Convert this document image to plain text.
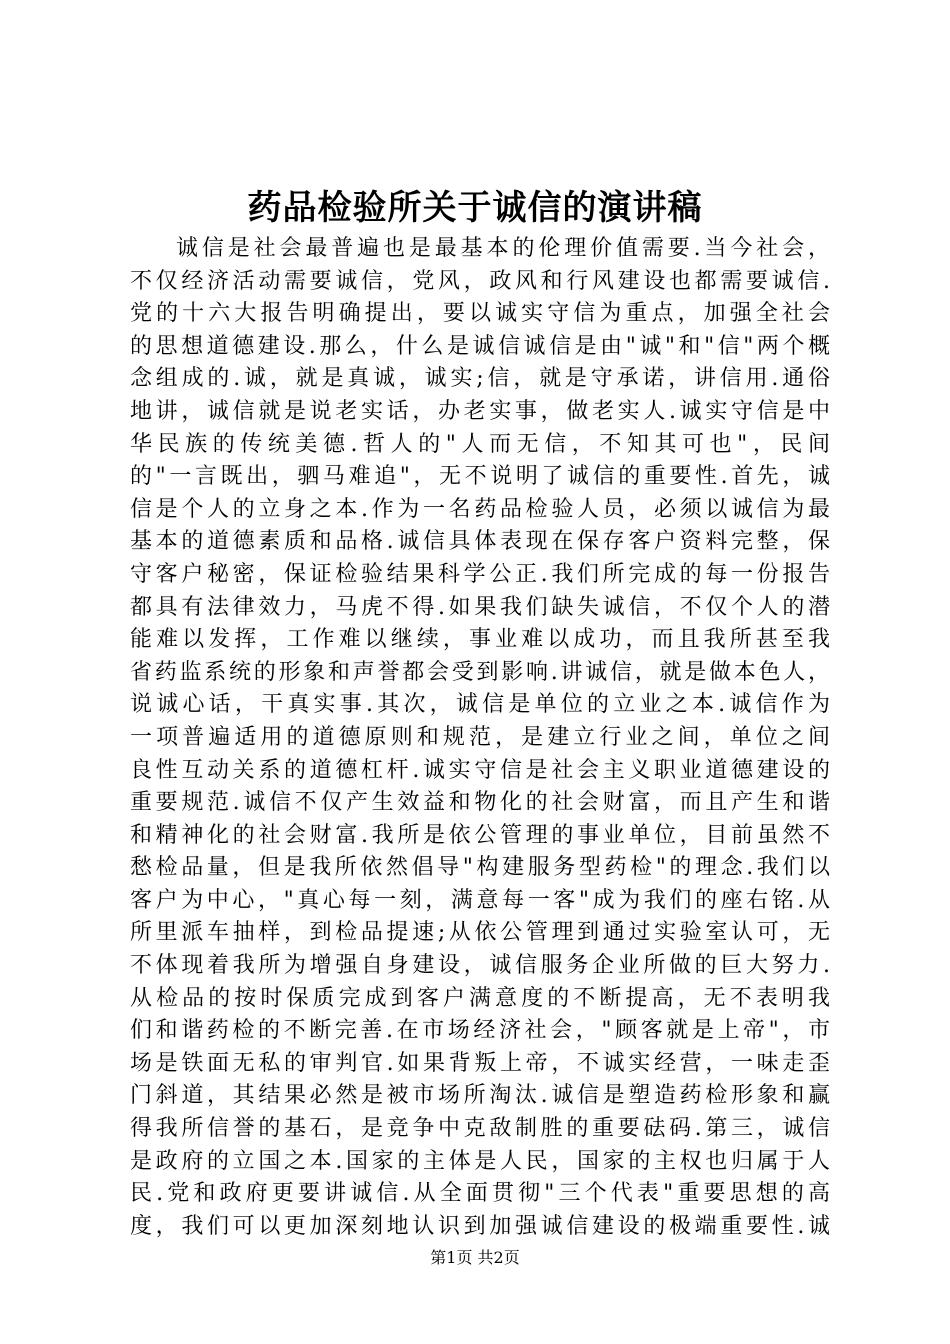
药品检验所关于诚信的演讲稿
诚信是社会最普遍也是最基本的伦理价值需要.当今社会，
不仅经济活动需要诚信，党风，政风和行风建设也都需要诚信.
党的十六大报告明确提出，要以诚实守信为重点，加强全社会
的思想道德建设.那么，什么是诚信诚信是由"诚"和"信"两个概
念组成的.诚，就是真诚，诚实;信，就是守承诺，讲信用.通俗
地讲，诚信就是说老实话，办老实事，做老实人.诚实守信是中
华民族的传统美德.哲人的"人而无信，不知其可也"，民间
的"一言既出，驷马难追"，无不说明了诚信的重要性.首先，诚
信是个人的立身之本.作为一名药品检验人员，必须以诚信为最
基本的道德素质和品格.诚信具体表现在保存客户资料完整，保
守客户秘密，保证检验结果科学公正.我们所完成的每一份报告
都具有法律效力，马虎不得.如果我们缺失诚信，不仅个人的潜
能难以发挥，工作难以继续，事业难以成功，而且我所甚至我
省药监系统的形象和声誉都会受到影响.讲诚信，就是做本色人，
说诚心话，干真实事.其次，诚信是单位的立业之本.诚信作为
一项普遍适用的道德原则和规范，是建立行业之间，单位之间
良性互动关系的道德杠杆.诚实守信是社会主义职业道德建设的
重要规范.诚信不仅产生效益和物化的社会财富，而且产生和谐
和精神化的社会财富.我所是依公管理的事业单位，目前虽然不
愁检品量，但是我所依然倡导"构建服务型药检"的理念.我们以
客户为中心，"真心每一刻，满意每一客"成为我们的座右铭.从
所里派车抽样，到检品提速;从依公管理到通过实验室认可，无
不体现着我所为增强自身建设，诚信服务企业所做的巨大努力.
从检品的按时保质完成到客户满意度的不断提高，无不表明我
们和谐药检的不断完善.在市场经济社会，"顾客就是上帝"，市
场是铁面无私的审判官.如果背叛上帝，不诚实经营，一味走歪
门斜道，其结果必然是被市场所淘汰.诚信是塑造药检形象和赢
得我所信誉的基石，是竞争中克敌制胜的重要砝码.第三，诚信
是政府的立国之本.国家的主体是人民，国家的主权也归属于人
民.党和政府更要讲诚信.从全面贯彻"三个代表"重要思想的高
度，我们可以更加深刻地认识到加强诚信建设的极端重要性.诚
第1页 共2页
